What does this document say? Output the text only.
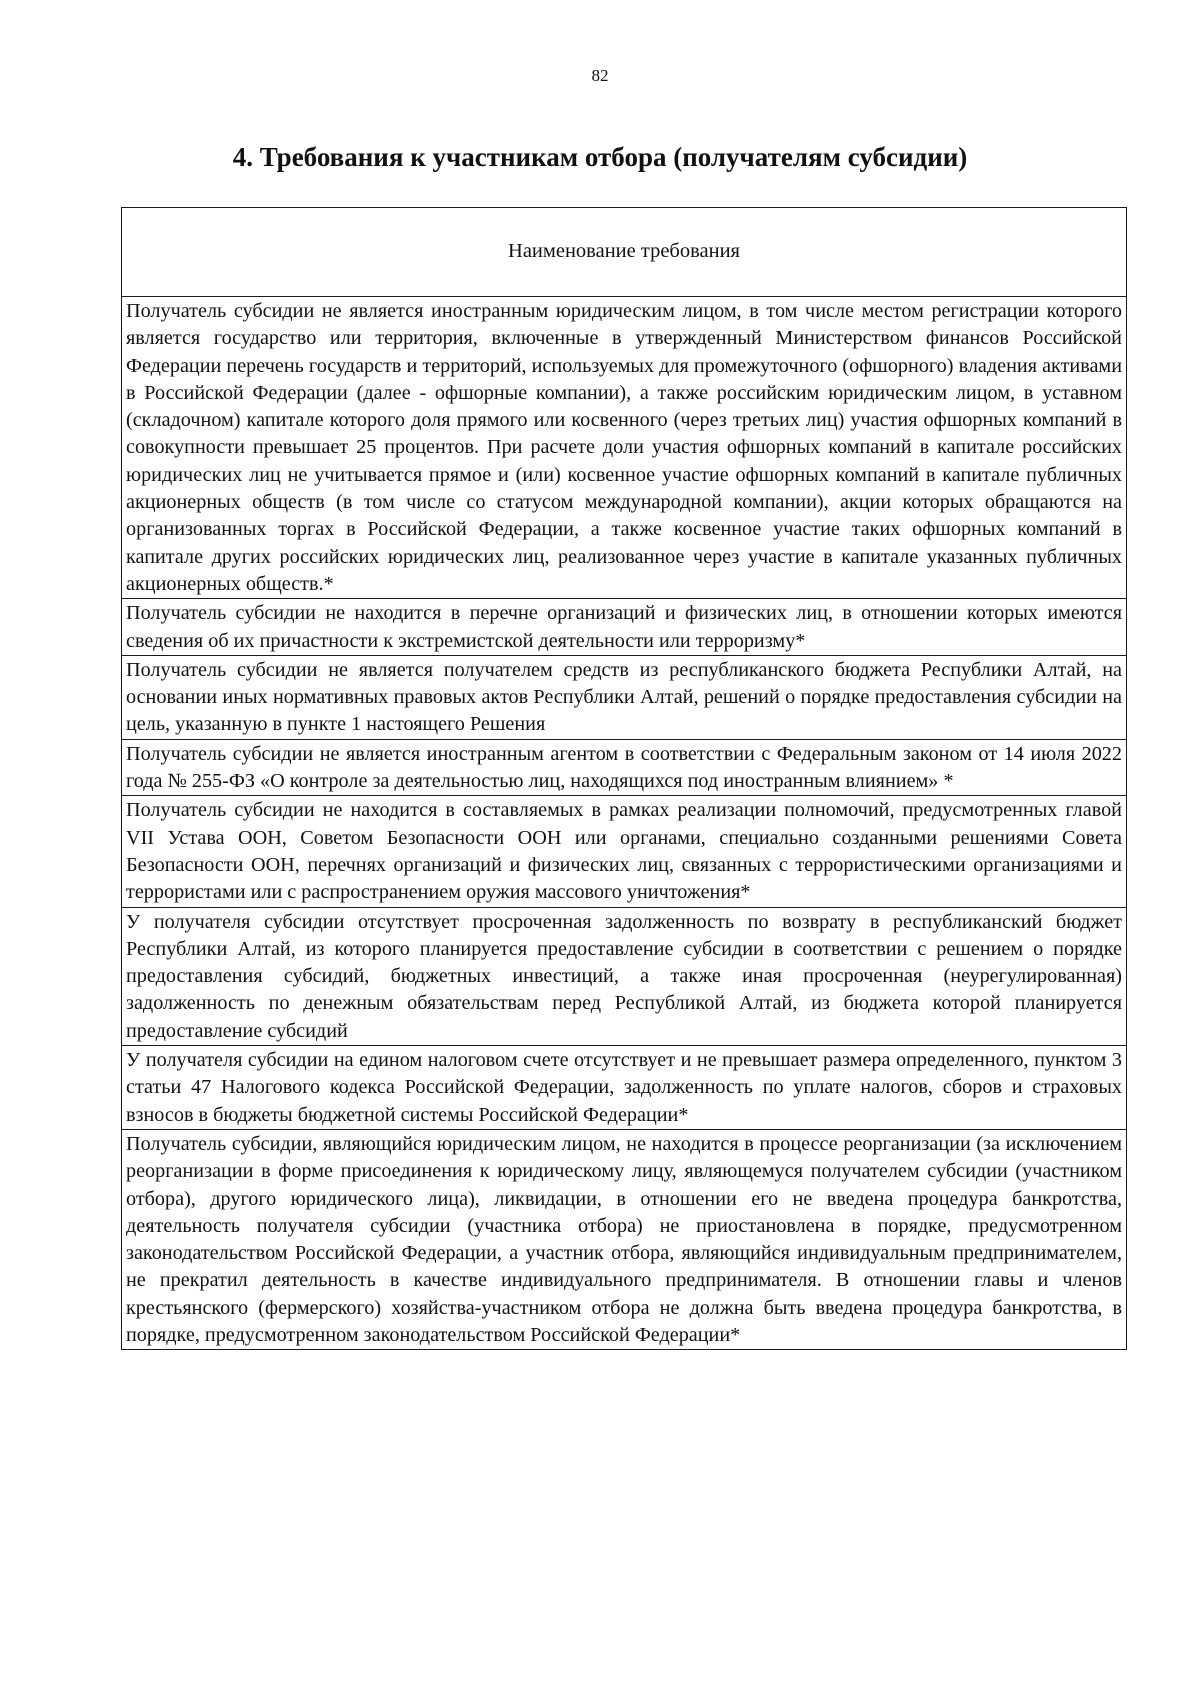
82
4. Требования к участникам отбора (получателям субсидии)
Наименование требования
Получатель субсидии не является иностранным юридическим лицом, в том числе местом регистрации которого является государство или территория, включенные в утвержденный Министерством финансов Российской Федерации перечень государств и территорий, используемых для промежуточного (офшорного) владения активами в Российской Федерации (далее - офшорные компании), а также российским юридическим лицом, в уставном (складочном) капитале которого доля прямого или косвенного (через третьих лиц) участия офшорных компаний в совокупности превышает 25 процентов. При расчете доли участия офшорных компаний в капитале российских юридических лиц не учитывается прямое и (или) косвенное участие офшорных компаний в капитале публичных акционерных обществ (в том числе со статусом международной компании), акции которых обращаются на организованных торгах в Российской Федерации, а также косвенное участие таких офшорных компаний в капитале других российских юридических лиц, реализованное через участие в капитале указанных публичных акционерных обществ.*
Получатель субсидии не находится в перечне организаций и физических лиц, в отношении которых имеются сведения об их причастности к экстремистской деятельности или терроризму*
Получатель субсидии не является получателем средств из республиканского бюджета Республики Алтай, на основании иных нормативных правовых актов Республики Алтай, решений о порядке предоставления субсидии на цель, указанную в пункте 1 настоящего Решения
Получатель субсидии не является иностранным агентом в соответствии с Федеральным законом от 14 июля 2022 года № 255-ФЗ «О контроле за деятельностью лиц, находящихся под иностранным влиянием» *
Получатель субсидии не находится в составляемых в рамках реализации полномочий, предусмотренных главой VII Устава ООН, Советом Безопасности ООН или органами, специально созданными решениями Совета Безопасности ООН, перечнях организаций и физических лиц, связанных с террористическими организациями и террористами или с распространением оружия массового уничтожения*
У получателя субсидии отсутствует просроченная задолженность по возврату в республиканский бюджет Республики Алтай, из которого планируется предоставление субсидии в соответствии с решением о порядке предоставления субсидий, бюджетных инвестиций, а также иная просроченная (неурегулированная) задолженность по денежным обязательствам перед Республикой Алтай, из бюджета которой планируется предоставление субсидий
У получателя субсидии на едином налоговом счете отсутствует и не превышает размера определенного, пунктом 3 статьи 47 Налогового кодекса Российской Федерации, задолженность по уплате налогов, сборов и страховых взносов в бюджеты бюджетной системы Российской Федерации*
Получатель субсидии, являющийся юридическим лицом, не находится в процессе реорганизации (за исключением реорганизации в форме присоединения к юридическому лицу, являющемуся получателем субсидии (участником отбора), другого юридического лица), ликвидации, в отношении его не введена процедура банкротства, деятельность получателя субсидии (участника отбора) не приостановлена в порядке, предусмотренном законодательством Российской Федерации, а участник отбора, являющийся индивидуальным предпринимателем, не прекратил деятельность в качестве индивидуального предпринимателя. В отношении главы и членов крестьянского (фермерского) хозяйства-участником отбора не должна быть введена процедура банкротства, в порядке, предусмотренном законодательством Российской Федерации*
